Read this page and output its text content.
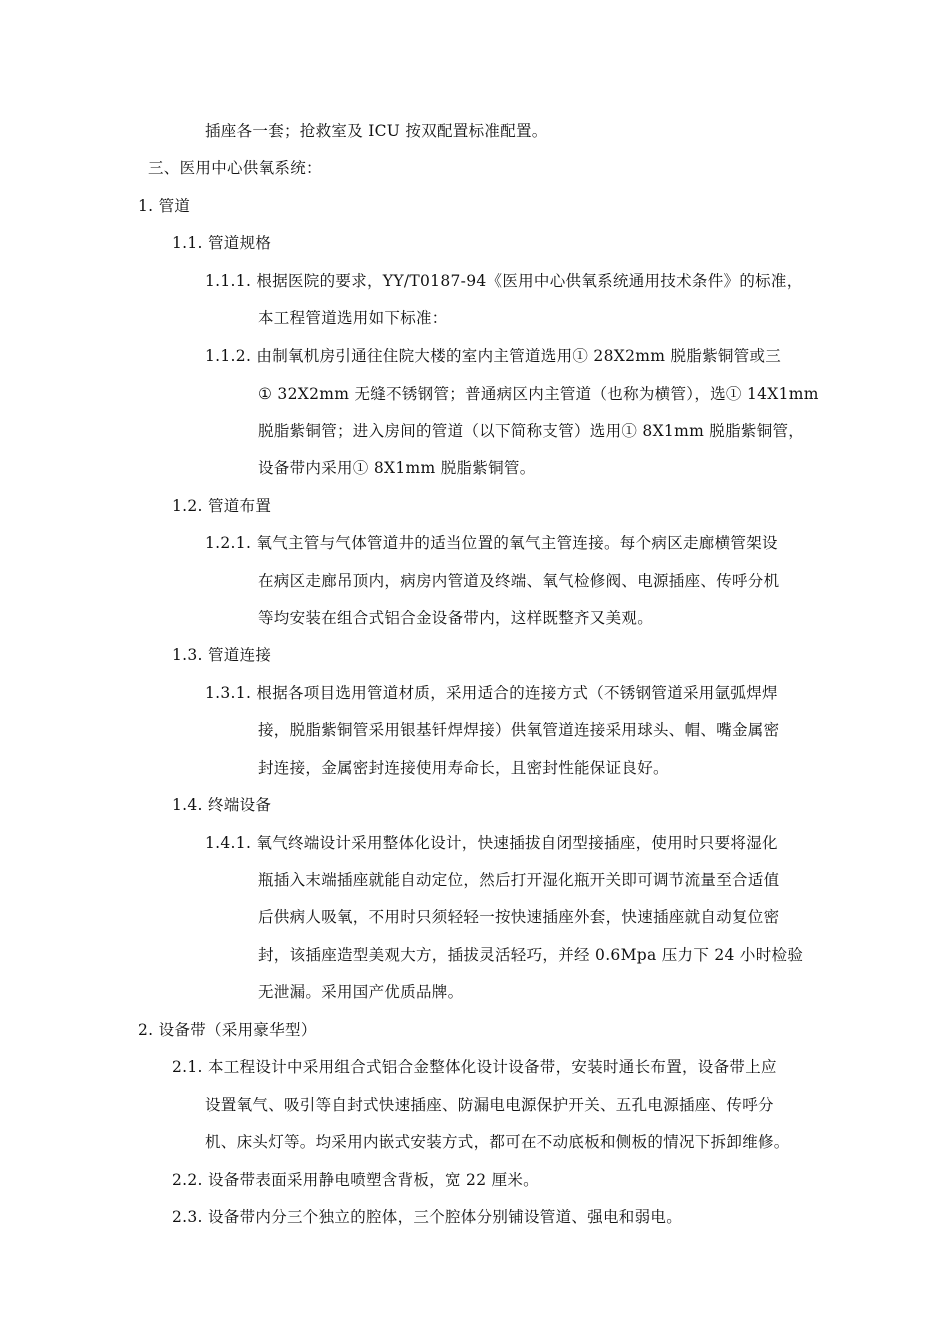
插座各一套；抢救室及 ICU 按双配置标准配置。
三、医用中心供氧系统：
1. 管道
1.1. 管道规格
1.1.1. 根据医院的要求，YY/T0187-94《医用中心供氧系统通用技术条件》的标准，
本工程管道选用如下标准：
1.1.2. 由制氧机房引通往住院大楼的室内主管道选用① 28X2mm 脱脂紫铜管或三
① 32X2mm 无缝不锈钢管；普通病区内主管道（也称为横管），选① 14X1mm
脱脂紫铜管；进入房间的管道（以下简称支管）选用① 8X1mm 脱脂紫铜管，
设备带内采用① 8X1mm 脱脂紫铜管。
1.2. 管道布置
1.2.1. 氧气主管与气体管道井的适当位置的氧气主管连接。每个病区走廊横管架设
在病区走廊吊顶内，病房内管道及终端、氧气检修阀、电源插座、传呼分机
等均安装在组合式铝合金设备带内，这样既整齐又美观。
1.3. 管道连接
1.3.1. 根据各项目选用管道材质，采用适合的连接方式（不锈钢管道采用氩弧焊焊
接，脱脂紫铜管采用银基钎焊焊接）供氧管道连接采用球头、帽、嘴金属密
封连接，金属密封连接使用寿命长，且密封性能保证良好。
1.4. 终端设备
1.4.1. 氧气终端设计采用整体化设计，快速插拔自闭型接插座，使用时只要将湿化
瓶插入末端插座就能自动定位，然后打开湿化瓶开关即可调节流量至合适值
后供病人吸氧，不用时只须轻轻一按快速插座外套，快速插座就自动复位密
封，该插座造型美观大方，插拔灵活轻巧，并经 0.6Mpa 压力下 24 小时检验
无泄漏。采用国产优质品牌。
2. 设备带（采用豪华型）
2.1. 本工程设计中采用组合式铝合金整体化设计设备带，安装时通长布置，设备带上应
设置氧气、吸引等自封式快速插座、防漏电电源保护开关、五孔电源插座、传呼分
机、床头灯等。均采用内嵌式安装方式，都可在不动底板和侧板的情况下拆卸维修。
2.2. 设备带表面采用静电喷塑含背板，宽 22 厘米。
2.3. 设备带内分三个独立的腔体，三个腔体分别铺设管道、强电和弱电。
